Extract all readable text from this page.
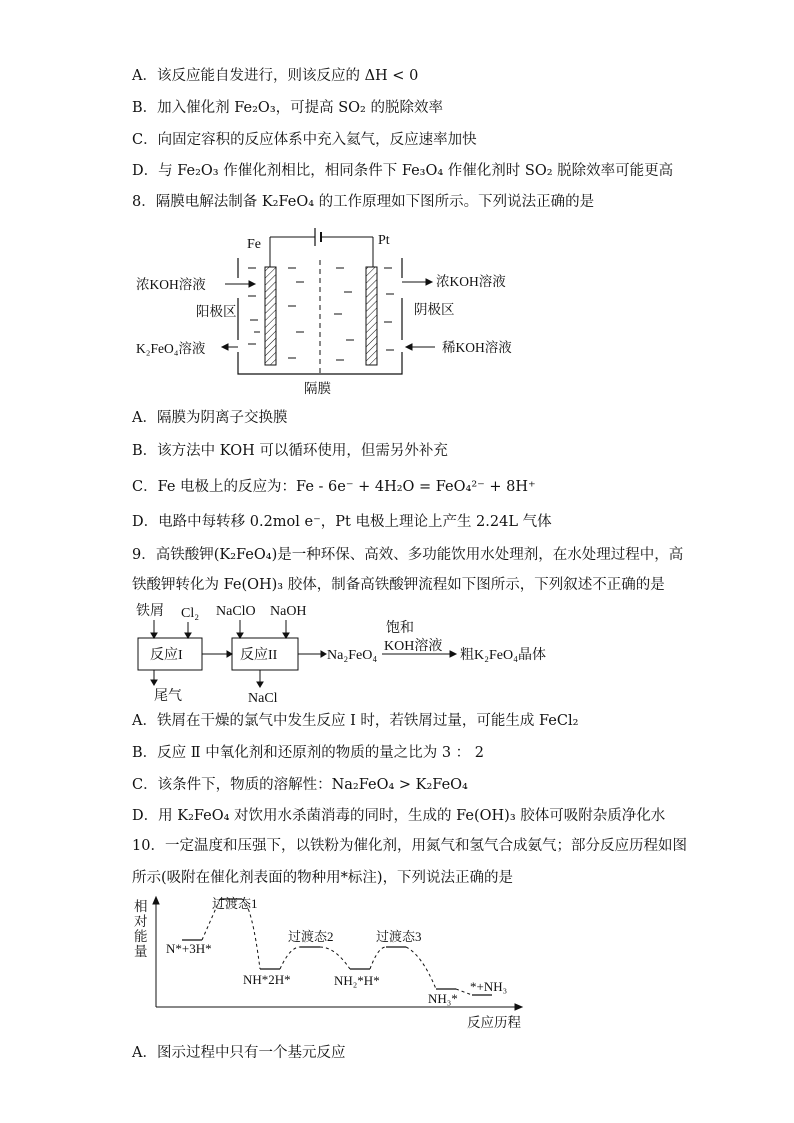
A．该反应能自发进行，则该反应的 ΔH < 0
B．加入催化剂 Fe₂O₃，可提高 SO₂ 的脱除效率
C．向固定容积的反应体系中充入氦气，反应速率加快
D．与 Fe₂O₃ 作催化剂相比，相同条件下 Fe₃O₄ 作催化剂时 SO₂ 脱除效率可能更高
8．隔膜电解法制备 K₂FeO₄ 的工作原理如下图所示。下列说法正确的是
Fe	Pt
浓KOH溶液	浓KOH溶液
阳极区	阴极区
K₂FeO₄溶液	稀KOH溶液
隔膜
A．隔膜为阴离子交换膜
B．该方法中 KOH 可以循环使用，但需另外补充
C．Fe 电极上的反应为：Fe - 6e⁻ + 4H₂O = FeO₄²⁻ + 8H⁺
D．电路中每转移 0.2mol e⁻，Pt 电极上理论上产生 2.24L 气体
9．高铁酸钾(K₂FeO₄)是一种环保、高效、多功能饮用水处理剂，在水处理过程中，高
铁酸钾转化为 Fe(OH)₃ 胶体，制备高铁酸钾流程如下图所示，下列叙述不正确的是
铁屑 Cl₂ NaClO NaOH
反应I	反应II	Na₂FeO₄
饱和
KOH溶液
粗K₂FeO₄晶体
尾气	NaCl
A．铁屑在干燥的氯气中发生反应 Ⅰ 时，若铁屑过量，可能生成 FeCl₂
B．反应 Ⅱ 中氧化剂和还原剂的物质的量之比为 3 ： 2
C．该条件下，物质的溶解性：Na₂FeO₄ > K₂FeO₄
D．用 K₂FeO₄ 对饮用水杀菌消毒的同时，生成的 Fe(OH)₃ 胶体可吸附杂质净化水
10．一定温度和压强下，以铁粉为催化剂，用氮气和氢气合成氨气；部分反应历程如图
所示(吸附在催化剂表面的物种用*标注)，下列说法正确的是
相
对
能
量
反应历程
N*+3H*
过渡态1
NH*2H*
过渡态2
NH₂*H*
过渡态3
NH₃*
*+NH₃
A．图示过程中只有一个基元反应
